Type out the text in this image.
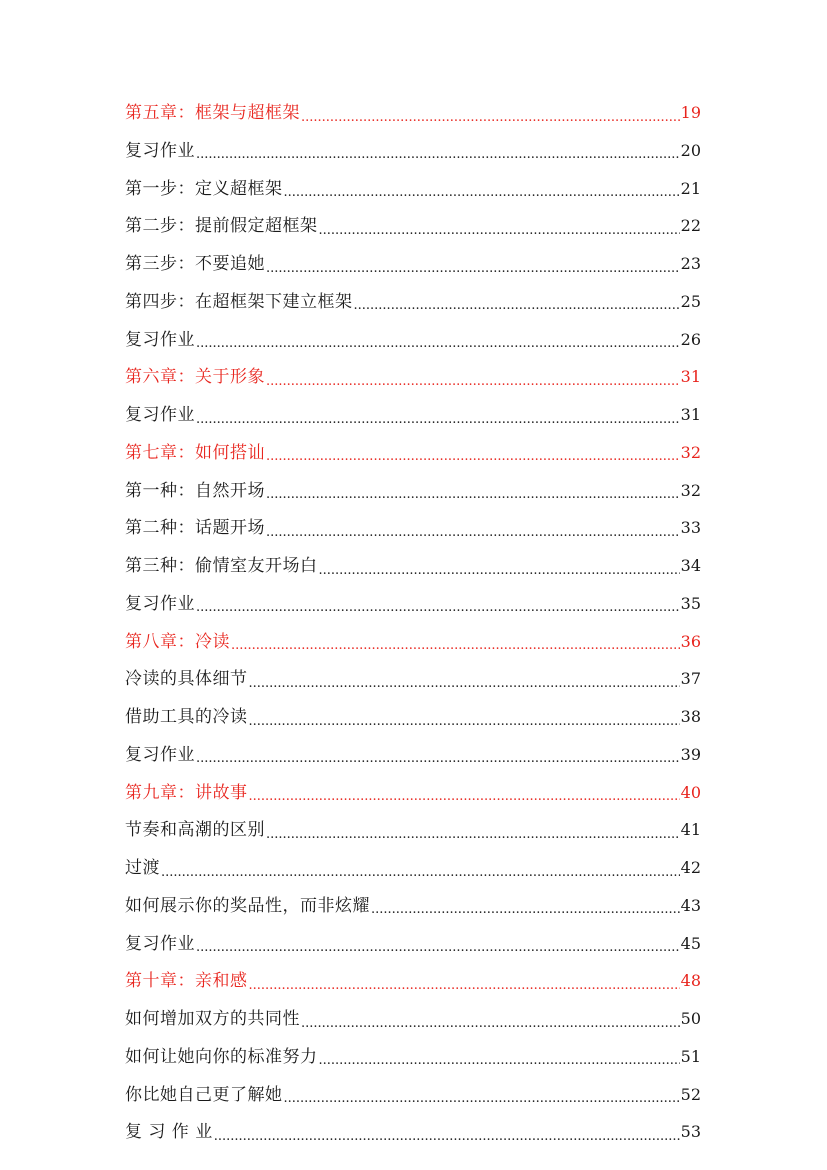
第五章：框架与超框架 .....	19
复习作业 .....	20
第一步：定义超框架 .....	21
第二步：提前假定超框架 .....	22
第三步：不要追她 .....	23
第四步：在超框架下建立框架 .....	25
复习作业 .....	26
第六章：关于形象 .....	31
复习作业 .....	31
第七章：如何搭讪 .....	32
第一种：自然开场 .....	32
第二种：话题开场 .....	33
第三种：偷情室友开场白 .....	34
复习作业 .....	35
第八章：冷读 .....	36
冷读的具体细节 .....	37
借助工具的冷读 .....	38
复习作业 .....	39
第九章：讲故事 .....	40
节奏和高潮的区别 .....	41
过渡 .....	42
如何展示你的奖品性，而非炫耀 .....	43
复习作业 .....	45
第十章：亲和感 .....	48
如何增加双方的共同性 .....	50
如何让她向你的标准努力 .....	51
你比她自己更了解她 .....	52
复 习 作 业 .....	53
